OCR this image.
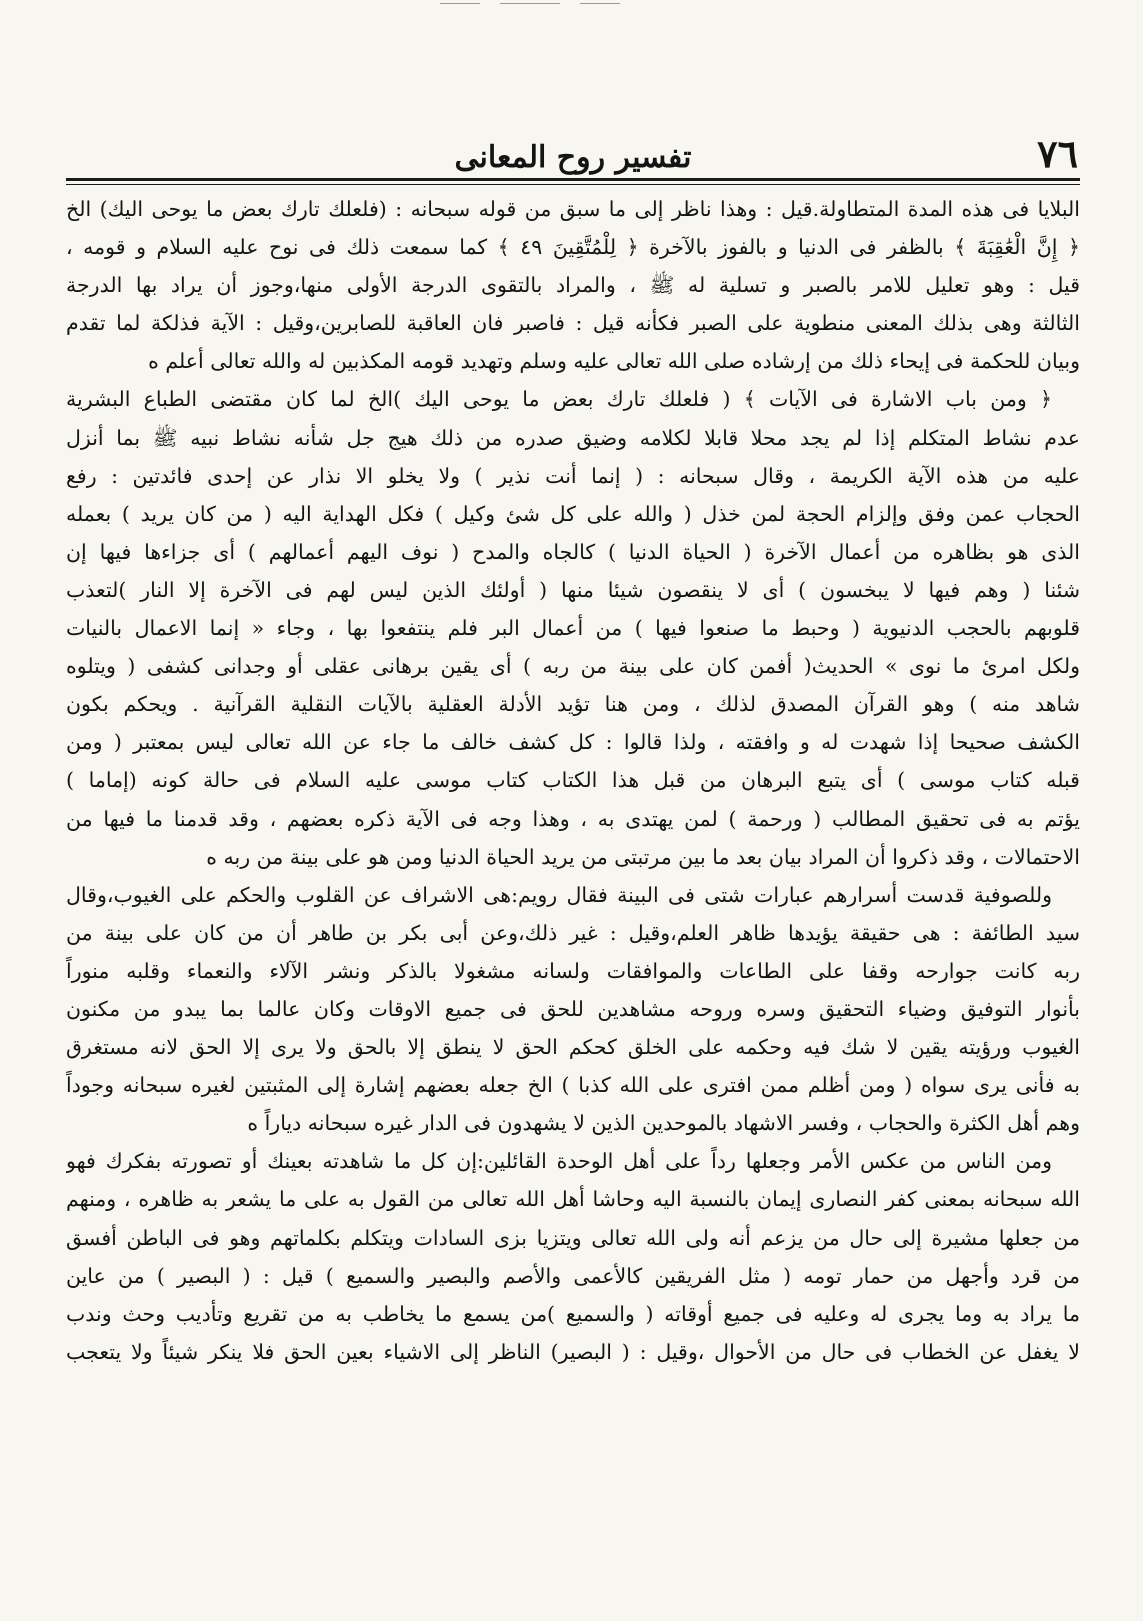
٧٦
تفسير روح المعانى
البلايا فى هذه المدة المتطاولة.قيل : وهذا ناظر إلى ما سبق من قوله سبحانه : (فلعلك تارك بعض ما يوحى اليك) الخ
﴿ إِنَّ الْعَٰقِبَةَ ﴾ بالظفر فى الدنيا و بالفوز بالآخرة ﴿ لِلْمُتَّقِينَ ٤٩ ﴾ كما سمعت ذلك فى نوح عليه السلام و قومه ،
قيل : وهو تعليل للامر بالصبر و تسلية له ﷺ ، والمراد بالتقوى الدرجة الأولى منها،وجوز أن يراد بها الدرجة
الثالثة وهى بذلك المعنى منطوية على الصبر فكأنه قيل : فاصبر فان العاقبة للصابرين،وقيل : الآية فذلكة لما تقدم
وبيان للحكمة فى إيحاء ذلك من إرشاده صلى الله تعالى عليه وسلم وتهديد قومه المكذبين له والله تعالى أعلم ه
﴿ ومن باب الاشارة فى الآيات ﴾ ( فلعلك تارك بعض ما يوحى اليك )الخ لما كان مقتضى الطباع البشرية
عدم نشاط المتكلم إذا لم يجد محلا قابلا لكلامه وضيق صدره من ذلك هيج جل شأنه نشاط نبيه ﷺ بما أنزل
عليه من هذه الآية الكريمة ، وقال سبحانه : ( إنما أنت نذير ) ولا يخلو الا نذار عن إحدى فائدتين : رفع
الحجاب عمن وفق وإلزام الحجة لمن خذل ( والله على كل شئ وكيل ) فكل الهداية اليه ( من كان يريد ) بعمله
الذى هو بظاهره من أعمال الآخرة ( الحياة الدنيا ) كالجاه والمدح ( نوف اليهم أعمالهم ) أى جزاءها فيها إن
شئنا ( وهم فيها لا يبخسون ) أى لا ينقصون شيئا منها ( أولئك الذين ليس لهم فى الآخرة إلا النار )لتعذب
قلوبهم بالحجب الدنيوية ( وحبط ما صنعوا فيها ) من أعمال البر فلم ينتفعوا بها ، وجاء « إنما الاعمال بالنيات
ولكل امرئ ما نوى » الحديث( أفمن كان على بينة من ربه ) أى يقين برهانى عقلى أو وجدانى كشفى ( ويتلوه
شاهد منه ) وهو القرآن المصدق لذلك ، ومن هنا تؤيد الأدلة العقلية بالآيات النقلية القرآنية . ويحكم بكون
الكشف صحيحا إذا شهدت له و وافقته ، ولذا قالوا : كل كشف خالف ما جاء عن الله تعالى ليس بمعتبر ( ومن
قبله كتاب موسى ) أى يتبع البرهان من قبل هذا الكتاب كتاب موسى عليه السلام فى حالة كونه (إماما )
يؤتم به فى تحقيق المطالب ( ورحمة ) لمن يهتدى به ، وهذا وجه فى الآية ذكره بعضهم ، وقد قدمنا ما فيها من
الاحتمالات ، وقد ذكروا أن المراد بيان بعد ما بين مرتبتى من يريد الحياة الدنيا ومن هو على بينة من ربه ه
وللصوفية قدست أسرارهم عبارات شتى فى البينة فقال رويم:هى الاشراف عن القلوب والحكم على الغيوب،وقال
سيد الطائفة : هى حقيقة يؤيدها ظاهر العلم،وقيل : غير ذلك،وعن أبى بكر بن طاهر أن من كان على بينة من
ربه كانت جوارحه وقفا على الطاعات والموافقات ولسانه مشغولا بالذكر ونشر الآلاء والنعماء وقلبه منوراً
بأنوار التوفيق وضياء التحقيق وسره وروحه مشاهدين للحق فى جميع الاوقات وكان عالما بما يبدو من مكنون
الغيوب ورؤيته يقين لا شك فيه وحكمه على الخلق كحكم الحق لا ينطق إلا بالحق ولا يرى إلا الحق لانه مستغرق
به فأنى يرى سواه ( ومن أظلم ممن افترى على الله كذبا ) الخ جعله بعضهم إشارة إلى المثبتين لغيره سبحانه وجوداً
وهم أهل الكثرة والحجاب ، وفسر الاشهاد بالموحدين الذين لا يشهدون فى الدار غيره سبحانه دياراً ه
ومن الناس من عكس الأمر وجعلها رداً على أهل الوحدة القائلين:إن كل ما شاهدته بعينك أو تصورته بفكرك فهو
الله سبحانه بمعنى كفر النصارى إيمان بالنسبة اليه وحاشا أهل الله تعالى من القول به على ما يشعر به ظاهره ، ومنهم
من جعلها مشيرة إلى حال من يزعم أنه ولى الله تعالى ويتزيا بزى السادات ويتكلم بكلماتهم وهو فى الباطن أفسق
من قرد وأجهل من حمار تومه ( مثل الفريقين كالأعمى والأصم والبصير والسميع ) قيل : ( البصير ) من عاين
ما يراد به وما يجرى له وعليه فى جميع أوقاته ( والسميع )من يسمع ما يخاطب به من تقريع وتأديب وحث وندب
لا يغفل عن الخطاب فى حال من الأحوال ،وقيل : ( البصير) الناظر إلى الاشياء بعين الحق فلا ينكر شيئاً ولا يتعجب
